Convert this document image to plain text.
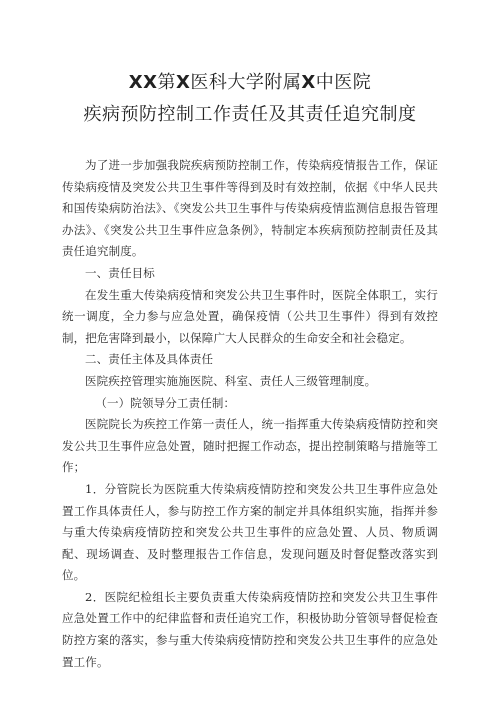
XX第X医科大学附属X中医院
疾病预防控制工作责任及其责任追究制度

为了进一步加强我院疾病预防控制工作，传染病疫情报告工作，保证传染病疫情及突发公共卫生事件等得到及时有效控制，依据《中华人民共和国传染病防治法》、《突发公共卫生事件与传染病疫情监测信息报告管理办法》、《突发公共卫生事件应急条例》，特制定本疾病预防控制责任及其责任追究制度。

一、责任目标

在发生重大传染病疫情和突发公共卫生事件时，医院全体职工，实行统一调度，全力参与应急处置，确保疫情（公共卫生事件）得到有效控制，把危害降到最小，以保障广大人民群众的生命安全和社会稳定。

二、责任主体及具体责任

医院疾控管理实施施医院、科室、责任人三级管理制度。

（一）院领导分工责任制：

医院院长为疾控工作第一责任人，统一指挥重大传染病疫情防控和突发公共卫生事件应急处置，随时把握工作动态，提出控制策略与措施等工作；

1．分管院长为医院重大传染病疫情防控和突发公共卫生事件应急处置工作具体责任人，参与防控工作方案的制定并具体组织实施，指挥并参与重大传染病疫情防控和突发公共卫生事件的应急处置、人员、物质调配、现场调查、及时整理报告工作信息，发现问题及时督促整改落实到位。

2．医院纪检组长主要负责重大传染病疫情防控和突发公共卫生事件应急处置工作中的纪律监督和责任追究工作，积极协助分管领导督促检查防控方案的落实，参与重大传染病疫情防控和突发公共卫生事件的应急处置工作。
